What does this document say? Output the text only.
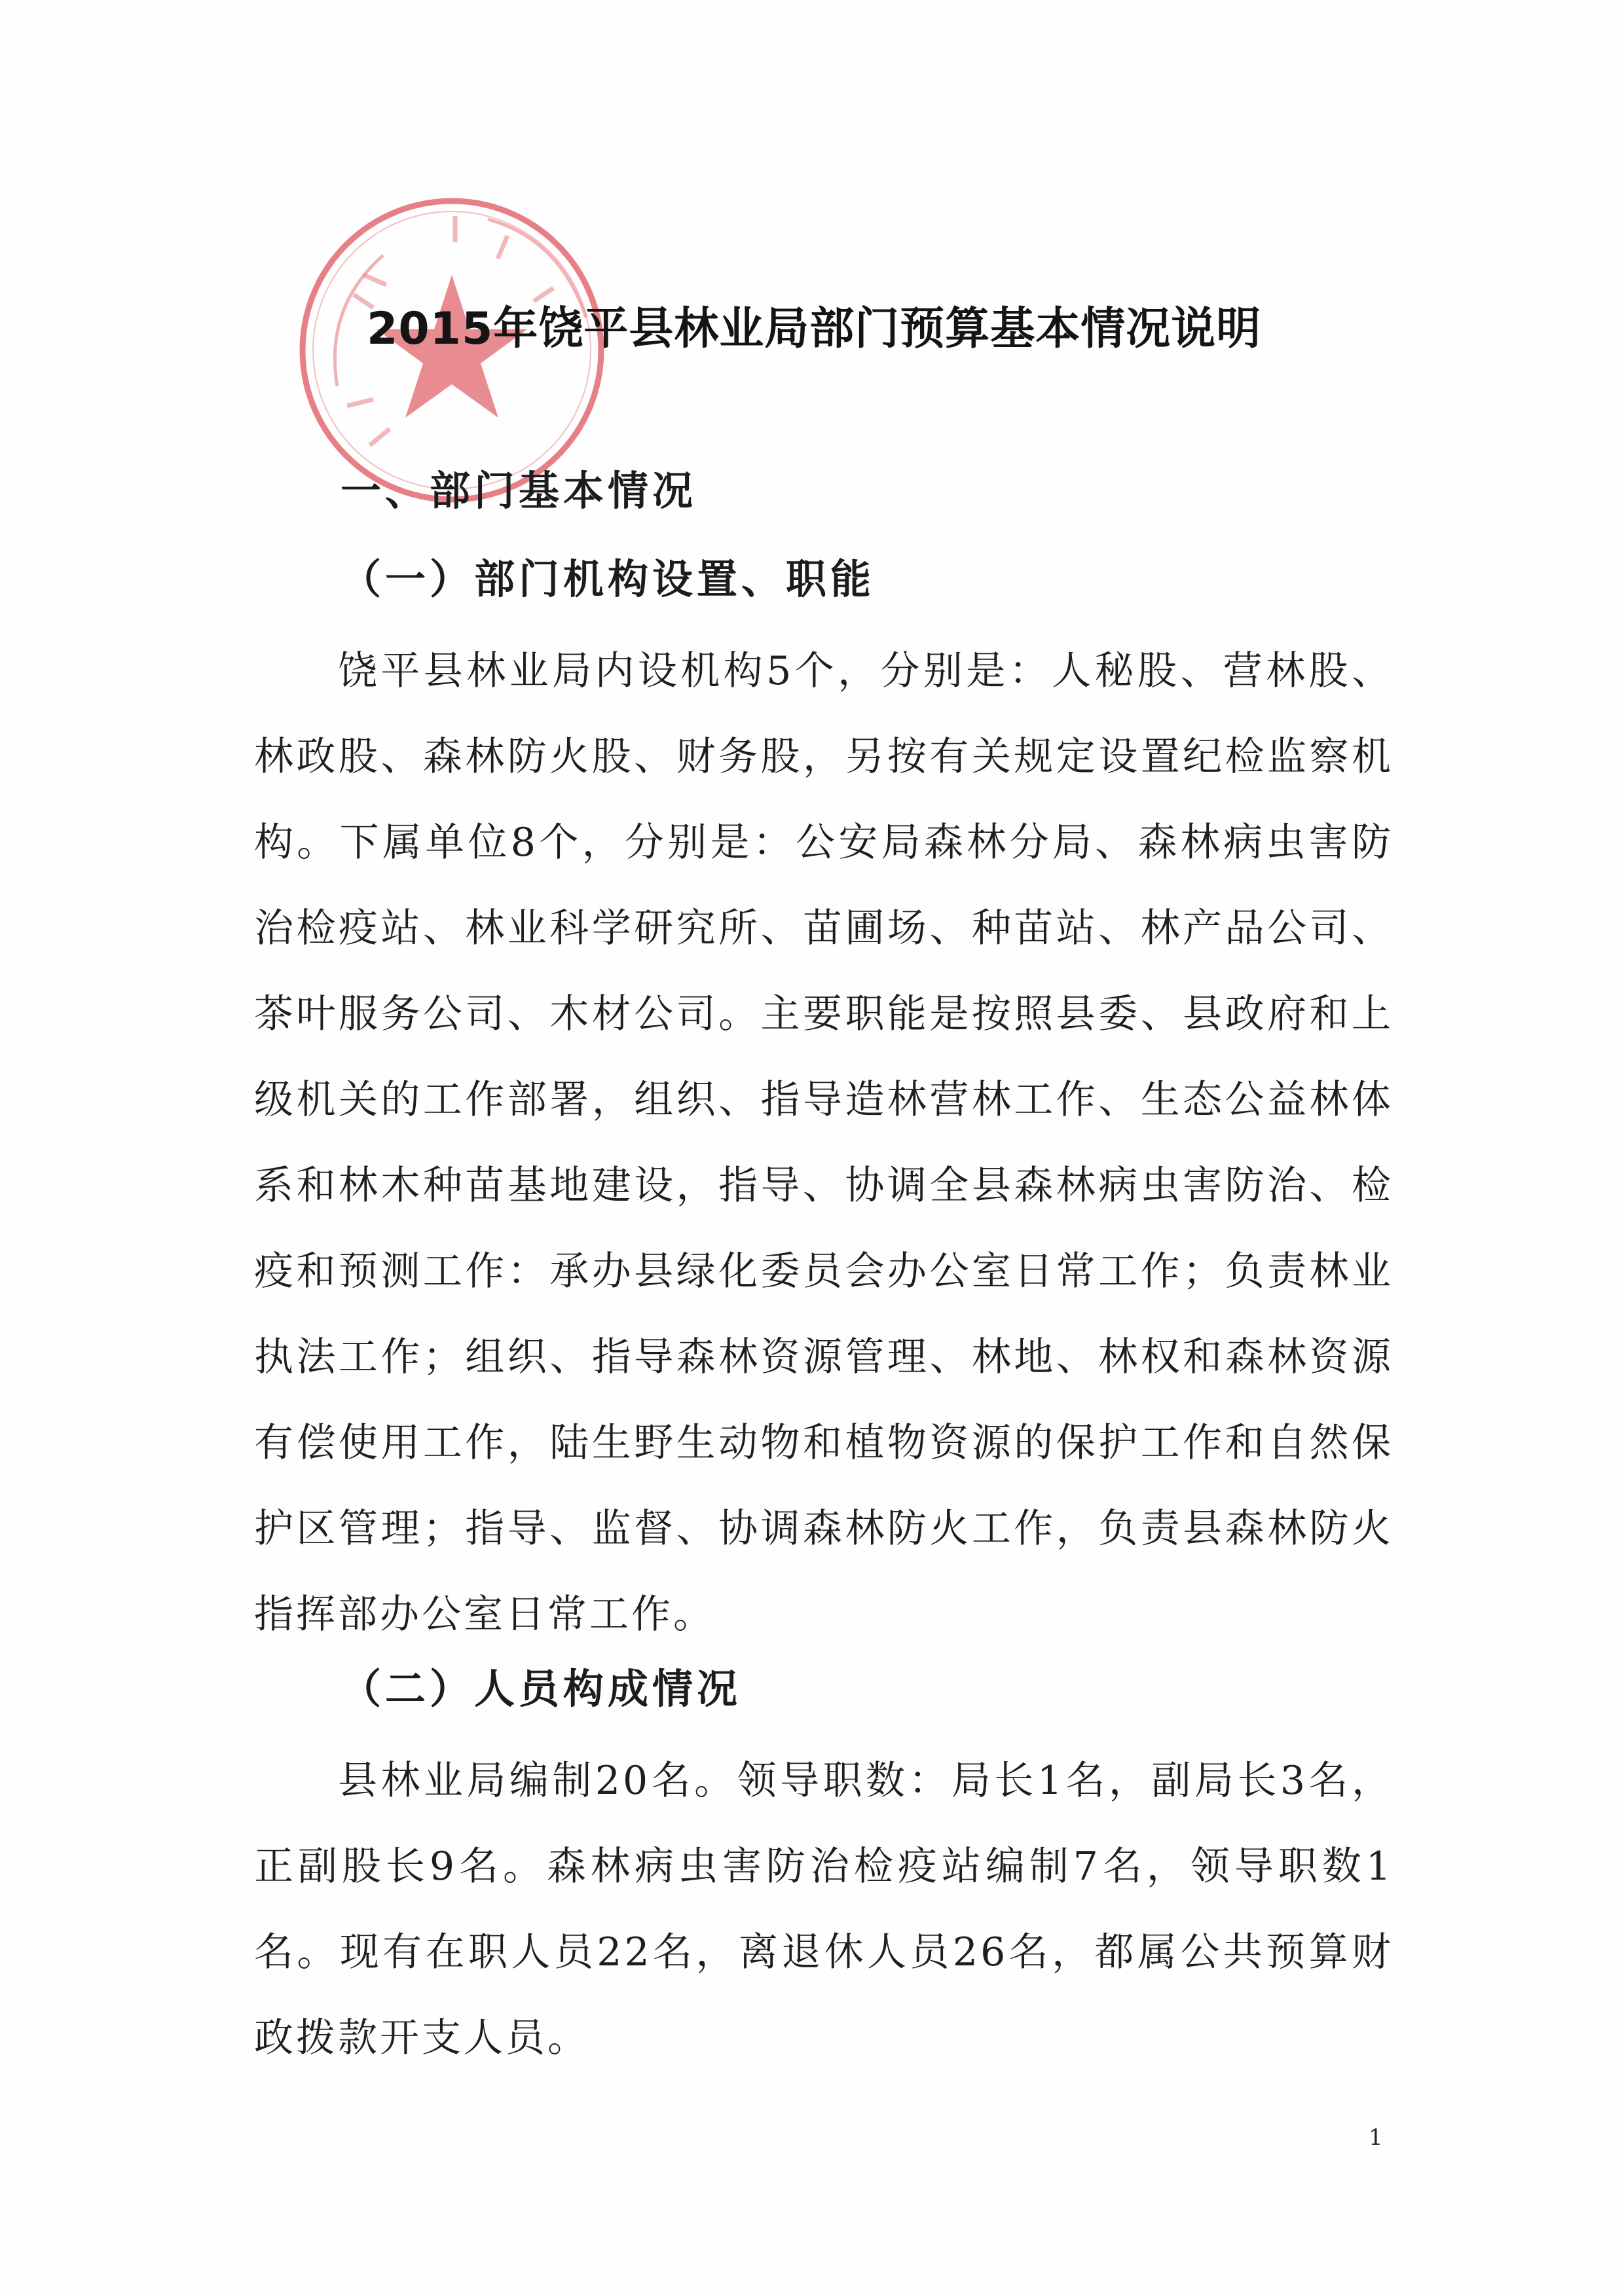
2015年饶平县林业局部门预算基本情况说明
一、部门基本情况
（一）部门机构设置、职能

饶平县林业局内设机构5个，分别是：人秘股、营林股、林政股、森林防火股、财务股，另按有关规定设置纪检监察机构。下属单位8个，分别是：公安局森林分局、森林病虫害防治检疫站、林业科学研究所、苗圃场、种苗站、林产品公司、茶叶服务公司、木材公司。主要职能是按照县委、县政府和上级机关的工作部署，组织、指导造林营林工作、生态公益林体系和林木种苗基地建设，指导、协调全县森林病虫害防治、检疫和预测工作：承办县绿化委员会办公室日常工作；负责林业执法工作；组织、指导森林资源管理、林地、林权和森林资源有偿使用工作，陆生野生动物和植物资源的保护工作和自然保护区管理；指导、监督、协调森林防火工作，负责县森林防火指挥部办公室日常工作。

（二）人员构成情况

县林业局编制20名。领导职数：局长1名，副局长3名，正副股长9名。森林病虫害防治检疫站编制7名，领导职数1名。现有在职人员22名，离退休人员26名，都属公共预算财政拨款开支人员。

1
